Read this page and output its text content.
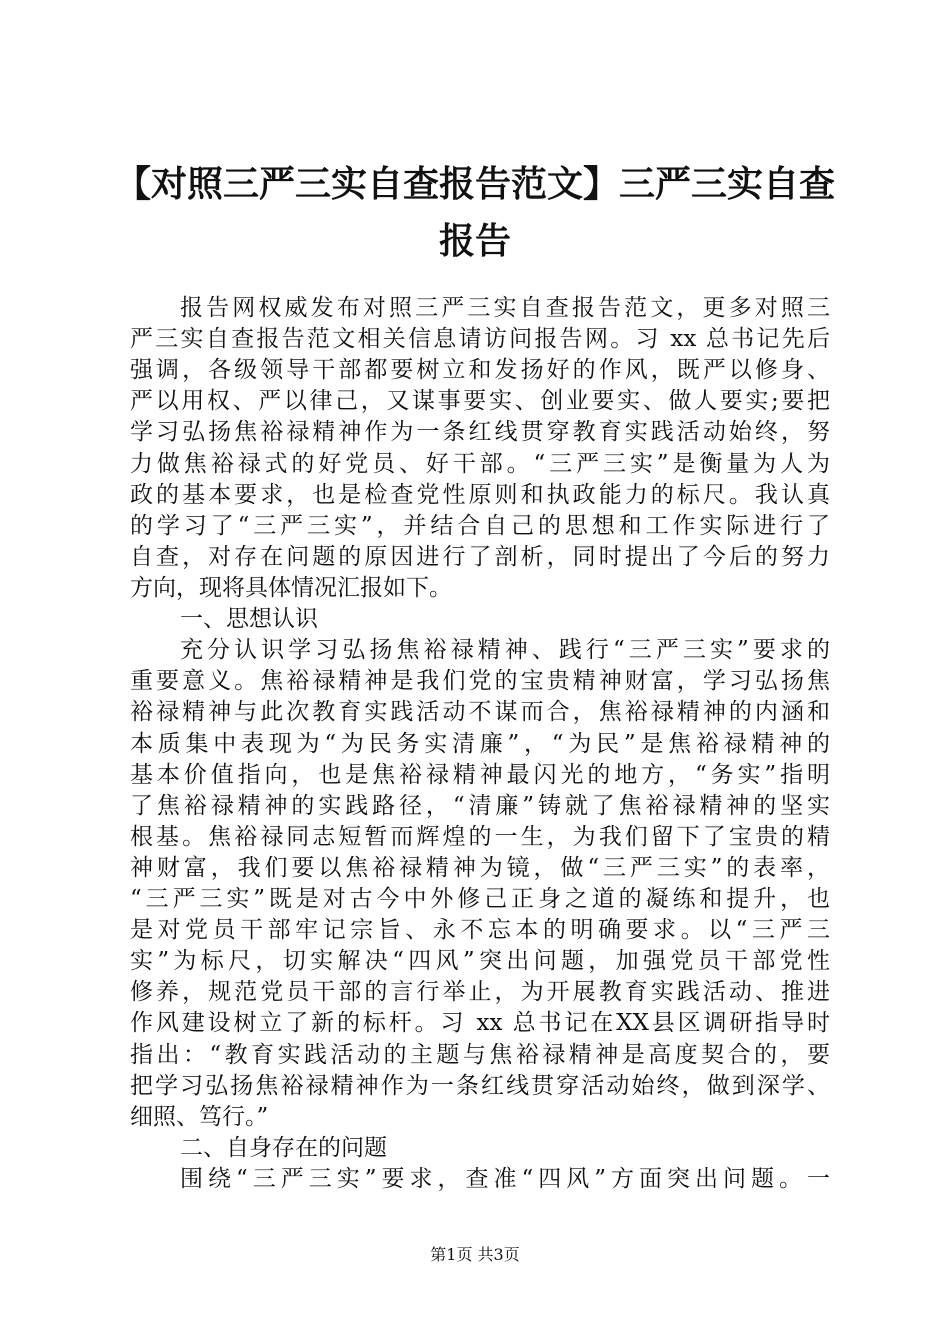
【对照三严三实自查报告范文】三严三实自查
报告

报告网权威发布对照三严三实自查报告范文，更多对照三

严三实自查报告范文相关信息请访问报告网。习 xx 总书记先后

强调，各级领导干部都要树立和发扬好的作风，既严以修身、

严以用权、严以律己，又谋事要实、创业要实、做人要实;要把

学习弘扬焦裕禄精神作为一条红线贯穿教育实践活动始终，努

力做焦裕禄式的好党员、好干部。“三严三实”是衡量为人为

政的基本要求，也是检查党性原则和执政能力的标尺。我认真

的学习了“三严三实”，并结合自己的思想和工作实际进行了

自查，对存在问题的原因进行了剖析，同时提出了今后的努力

方向，现将具体情况汇报如下。

一、思想认识

充分认识学习弘扬焦裕禄精神、践行“三严三实”要求的

重要意义。焦裕禄精神是我们党的宝贵精神财富，学习弘扬焦

裕禄精神与此次教育实践活动不谋而合，焦裕禄精神的内涵和

本质集中表现为“为民务实清廉”，“为民”是焦裕禄精神的

基本价值指向，也是焦裕禄精神最闪光的地方，“务实”指明

了焦裕禄精神的实践路径，“清廉”铸就了焦裕禄精神的坚实

根基。焦裕禄同志短暂而辉煌的一生，为我们留下了宝贵的精

神财富，我们要以焦裕禄精神为镜，做“三严三实”的表率，

“三严三实”既是对古今中外修己正身之道的凝练和提升，也

是对党员干部牢记宗旨、永不忘本的明确要求。以“三严三

实”为标尺，切实解决“四风”突出问题，加强党员干部党性

修养，规范党员干部的言行举止，为开展教育实践活动、推进

作风建设树立了新的标杆。习 xx 总书记在XX县区调研指导时

指出：“教育实践活动的主题与焦裕禄精神是高度契合的，要

把学习弘扬焦裕禄精神作为一条红线贯穿活动始终，做到深学、

细照、笃行。”

二、自身存在的问题

围绕“三严三实”要求，查准“四风”方面突出问题。一

第1页 共3页
